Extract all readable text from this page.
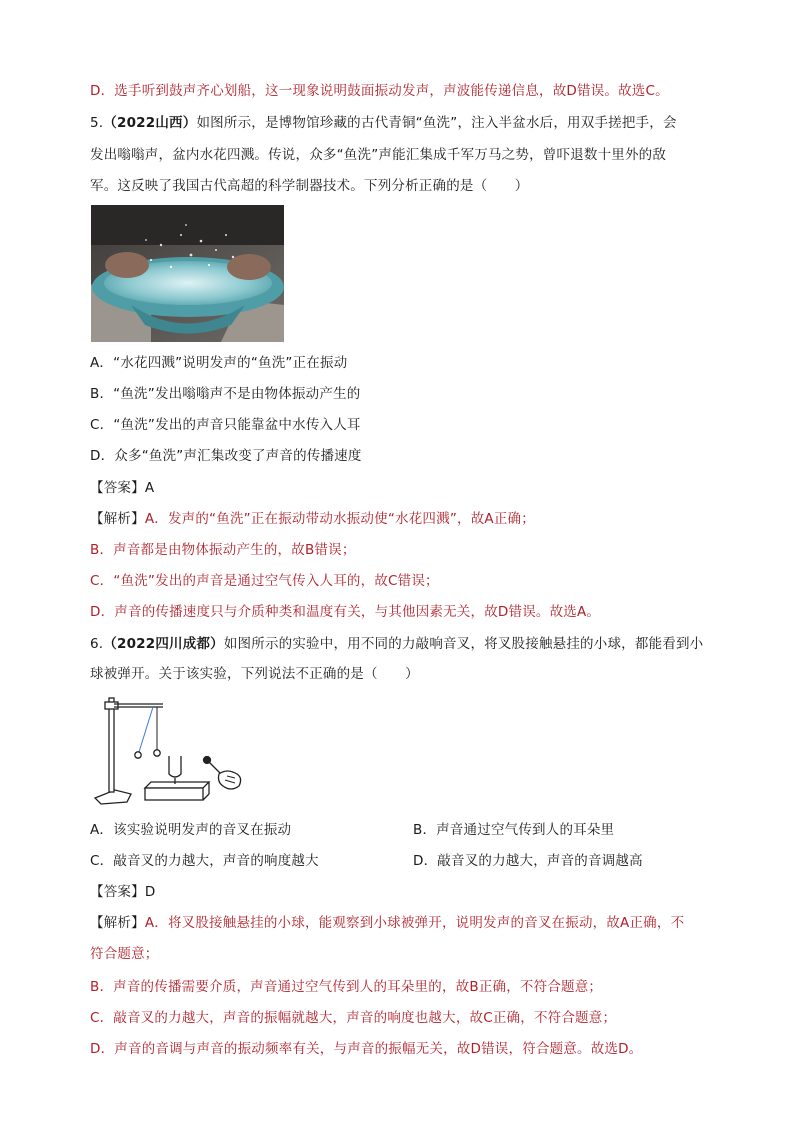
D．选手听到鼓声齐心划船，这一现象说明鼓面振动发声，声波能传递信息，故D错误。故选C。
5.（2022山西）如图所示，是博物馆珍藏的古代青铜“鱼洗”，注入半盆水后，用双手搓把手，会
发出嗡嗡声，盆内水花四溅。传说，众多“鱼洗”声能汇集成千军万马之势，曾吓退数十里外的敌
军。这反映了我国古代高超的科学制器技术。下列分析正确的是（　　）
A．“水花四溅”说明发声的“鱼洗”正在振动
B．“鱼洗”发出嗡嗡声不是由物体振动产生的
C．“鱼洗”发出的声音只能靠盆中水传入人耳
D．众多“鱼洗”声汇集改变了声音的传播速度
【答案】A
【解析】A．发声的“鱼洗”正在振动带动水振动使“水花四溅”，故A正确；
B．声音都是由物体振动产生的，故B错误；
C．“鱼洗”发出的声音是通过空气传入人耳的，故C错误；
D．声音的传播速度只与介质种类和温度有关，与其他因素无关，故D错误。故选A。
6.（2022四川成都）如图所示的实验中，用不同的力敲响音叉，将叉股接触悬挂的小球，都能看到小
球被弹开。关于该实验，下列说法不正确的是（　　）
A．该实验说明发声的音叉在振动	B．声音通过空气传到人的耳朵里
C．敲音叉的力越大，声音的响度越大	D．敲音叉的力越大，声音的音调越高
【答案】D
【解析】A．将叉股接触悬挂的小球，能观察到小球被弹开，说明发声的音叉在振动，故A正确，不
符合题意；
B．声音的传播需要介质，声音通过空气传到人的耳朵里的，故B正确，不符合题意；
C．敲音叉的力越大，声音的振幅就越大，声音的响度也越大，故C正确，不符合题意；
D．声音的音调与声音的振动频率有关，与声音的振幅无关，故D错误，符合题意。故选D。
